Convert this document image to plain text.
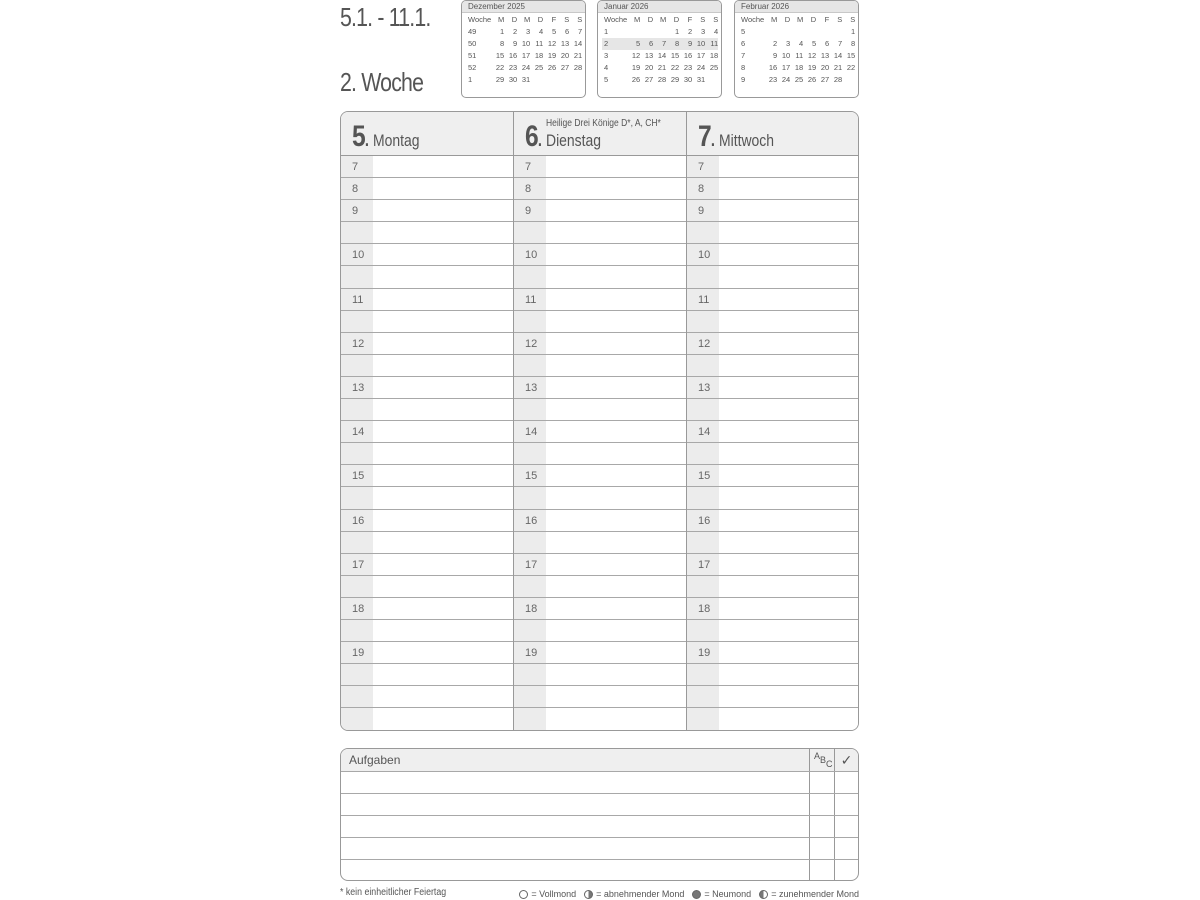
5.1. - 11.1.
2. Woche
Dezember 2025
Woche	M	D	M	D	F	S	S
49	1	2	3	4	5	6	7
50	8	9	10	11	12	13	14
51	15	16	17	18	19	20	21
52	22	23	24	25	26	27	28
1	29	30	31				
Januar 2026
Woche	M	D	M	D	F	S	S
1				1	2	3	4
2	5	6	7	8	9	10	11
3	12	13	14	15	16	17	18
4	19	20	21	22	23	24	25
5	26	27	28	29	30	31	
Februar 2026
Woche	M	D	M	D	F	S	S
5							1
6	2	3	4	5	6	7	8
7	9	10	11	12	13	14	15
8	16	17	18	19	20	21	22
9	23	24	25	26	27	28	
5. Montag
7
8
9
10
11
12
13
14
15
16
17
18
19
6. Dienstag
Heilige Drei Könige D*, A, CH*
7
8
9
10
11
12
13
14
15
16
17
18
19
7. Mittwoch
7
8
9
10
11
12
13
14
15
16
17
18
19
Aufgaben	A B C ✓
* kein einheitlicher Feiertag	= Vollmond = abnehmender Mond = Neumond = zunehmender Mond
